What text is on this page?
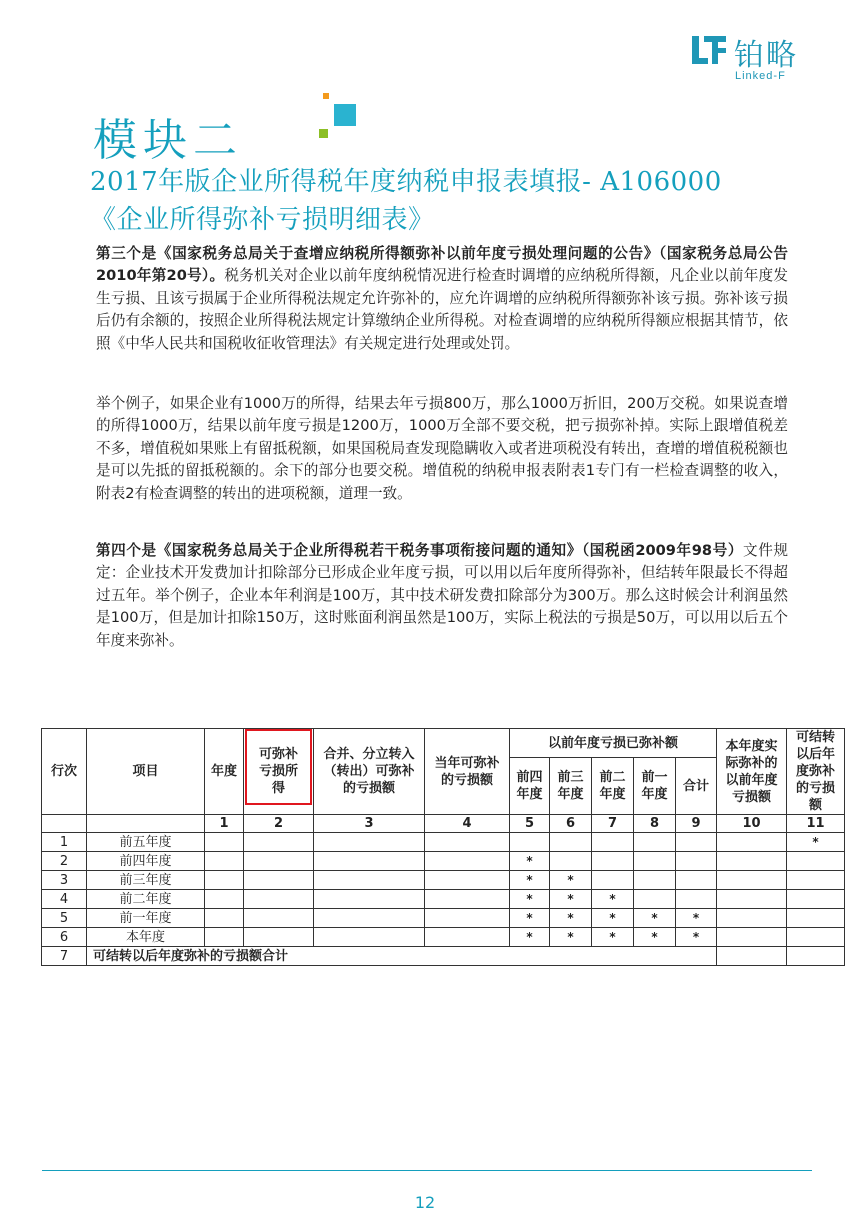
铂略
Linked-F
模块二
2017年版企业所得税年度纳税申报表填报- A106000
《企业所得弥补亏损明细表》
第三个是《国家税务总局关于查增应纳税所得额弥补以前年度亏损处理问题的公告》（国家税务总局公告2010年第20号）。税务机关对企业以前年度纳税情况进行检查时调增的应纳税所得额，凡企业以前年度发生亏损、且该亏损属于企业所得税法规定允许弥补的，应允许调增的应纳税所得额弥补该亏损。弥补该亏损后仍有余额的，按照企业所得税法规定计算缴纳企业所得税。对检查调增的应纳税所得额应根据其情节，依照《中华人民共和国税收征收管理法》有关规定进行处理或处罚。
举个例子，如果企业有1000万的所得，结果去年亏损800万，那么1000万折旧，200万交税。如果说查增的所得1000万，结果以前年度亏损是1200万，1000万全部不要交税，把亏损弥补掉。实际上跟增值税差不多，增值税如果账上有留抵税额，如果国税局查发现隐瞒收入或者进项税没有转出，查增的增值税税额也是可以先抵的留抵税额的。余下的部分也要交税。增值税的纳税申报表附表1专门有一栏检查调整的收入，附表2有检查调整的转出的进项税额，道理一致。
第四个是《国家税务总局关于企业所得税若干税务事项衔接问题的通知》（国税函2009年98号）文件规定：企业技术开发费加计扣除部分已形成企业年度亏损，可以用以后年度所得弥补，但结转年限最长不得超过五年。举个例子，企业本年利润是100万，其中技术研发费扣除部分为300万。那么这时候会计利润虽然是100万，但是加计扣除150万，这时账面利润虽然是100万，实际上税法的亏损是50万，可以用以后五个年度来弥补。
行次	项目	年度	可弥补亏损所得	合并、分立转入（转出）可弥补的亏损额	当年可弥补的亏损额	以前年度亏损已弥补额					本年度实际弥补的以前年度亏损额	可结转以后年度弥补的亏损额
						前四年度	前三年度	前二年度	前一年度	合计		
		1	2	3	4	5	6	7	8	9	10	11
1	前五年度											*
2	前四年度					*						
3	前三年度					*	*					
4	前二年度					*	*	*				
5	前一年度					*	*	*	*	*		
6	本年度					*	*	*	*	*		
7	可结转以后年度弥补的亏损额合计											
12
